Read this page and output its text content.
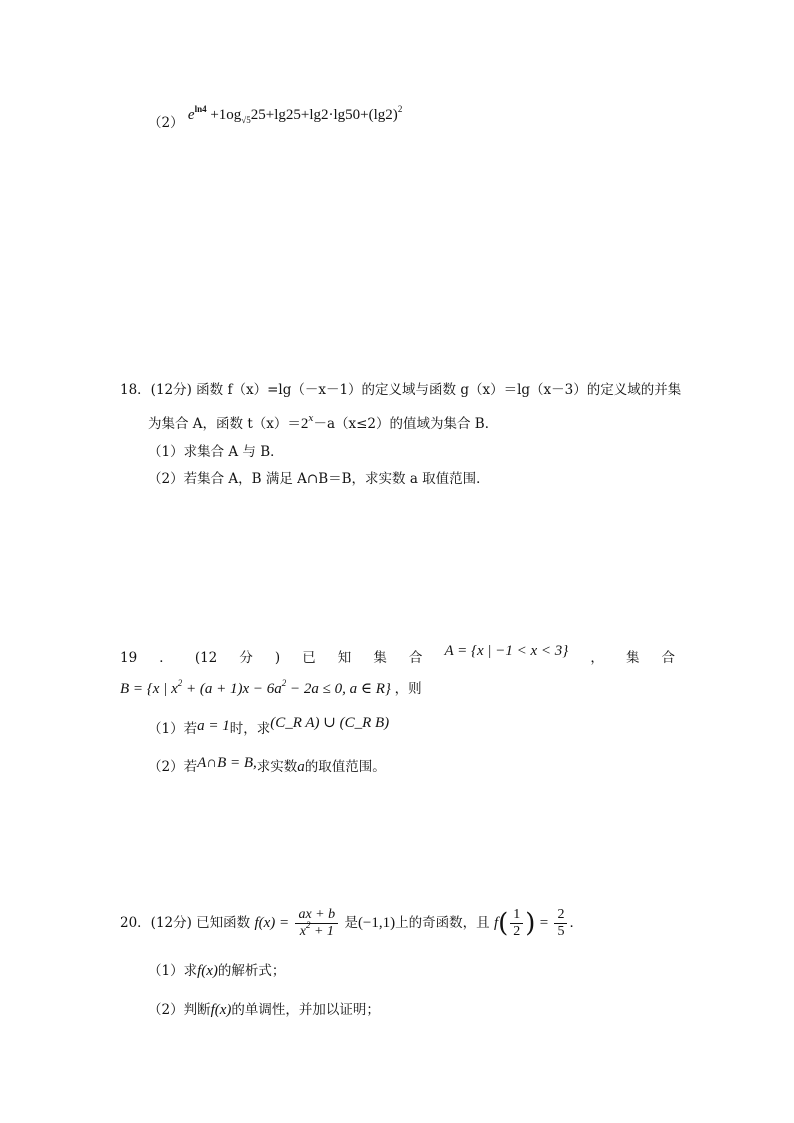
（2） $e^{ln4} +1og_{√5}25+\lg 25+\lg 2\cdot\lg 50+(\lg 2)^2$
18．(12分) 函数 f（x）=lg（－x－1）的定义域与函数 g（x）＝lg（x－3）的定义域的并集
为集合 A，函数 $t(x)=2^x-a(x\le 2)$的值域为集合 B．
（1）求集合 A 与 B．
（2）若集合 A，B 满足 A∩B＝B，求实数 a 取值范围．
19 ． (12 分 ) 已 知 集 合 A = {x | −1 < x < 3} ， 集 合
B = {x | $x^2 + (a + 1)x - 6a^2 - 2a \le 0$, a ∈ R} ，则
（1）若a = 1时，求(C_R A) ∪ (C_R B)
（2）若A∩B = B,求实数a的取值范围。
20．(12分) 已知函数 $f(x) = \frac{ax + b}{x^2 + 1}$ 是(−1,1)上的奇函数，且 $f( \frac{1}{2}$ ) = $\frac{2}{5}$ ．
（1）求f(x)的解析式；
（2）判断f(x)的单调性，并加以证明；
